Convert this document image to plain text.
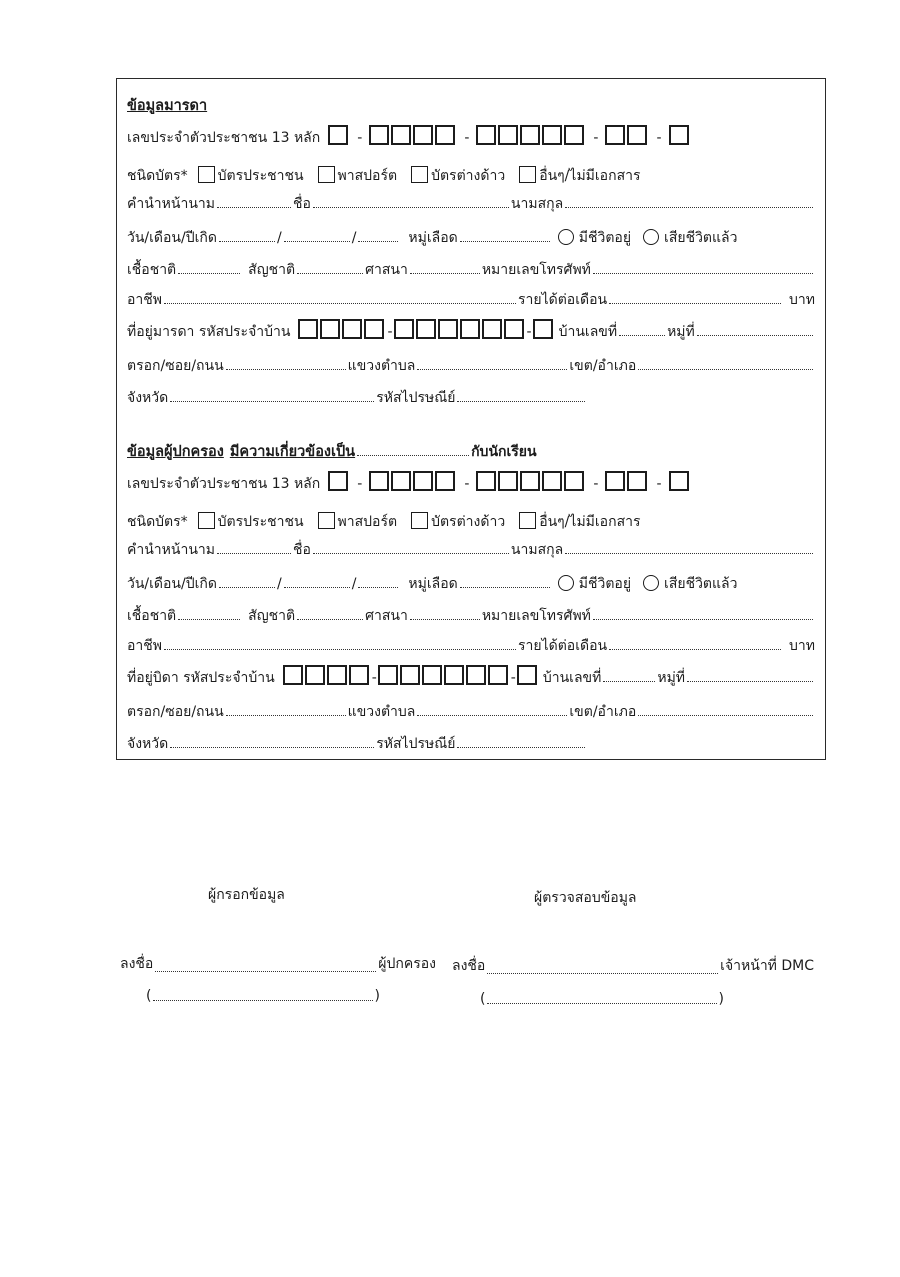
ข้อมูลมารดา
เลขประจำตัวประชาชน 13 หลัก	-	-	-	-
ชนิดบัตร* บัตรประชาชน พาสปอร์ต บัตรต่างด้าว อื่นๆ/ไม่มีเอกสาร
คำนำหน้านาม	ชื่อ	นามสกุล
วัน/เดือน/ปีเกิด	/	/	หมู่เลือด	มีชีวิตอยู่ เสียชีวิตแล้ว
เชื้อชาติ	สัญชาติ	ศาสนา	หมายเลขโทรศัพท์
อาชีพ	รายได้ต่อเดือน	บาท
ที่อยู่มารดา รหัสประจำบ้าน	-	- บ้านเลขที่	หมู่ที่
ตรอก/ซอย/ถนน	แขวงตำบล	เขต/อำเภอ
จังหวัด	รหัสไปรษณีย์
ข้อมูลผู้ปกครอง มีความเกี่ยวข้องเป็น	กับนักเรียน
เลขประจำตัวประชาชน 13 หลัก	-	-	-	-
ชนิดบัตร* บัตรประชาชน พาสปอร์ต บัตรต่างด้าว อื่นๆ/ไม่มีเอกสาร
คำนำหน้านาม	ชื่อ	นามสกุล
วัน/เดือน/ปีเกิด	/	/	หมู่เลือด	มีชีวิตอยู่ เสียชีวิตแล้ว
เชื้อชาติ	สัญชาติ	ศาสนา	หมายเลขโทรศัพท์
อาชีพ	รายได้ต่อเดือน	บาท
ที่อยู่บิดา รหัสประจำบ้าน	-	- บ้านเลขที่	หมู่ที่
ตรอก/ซอย/ถนน	แขวงตำบล	เขต/อำเภอ
จังหวัด	รหัสไปรษณีย์
ผู้กรอกข้อมูล	ผู้ตรวจสอบข้อมูล
ลงชื่อ	ผู้ปกครอง ลงชื่อ	เจ้าหน้าที่ DMC
(	)	(	)
